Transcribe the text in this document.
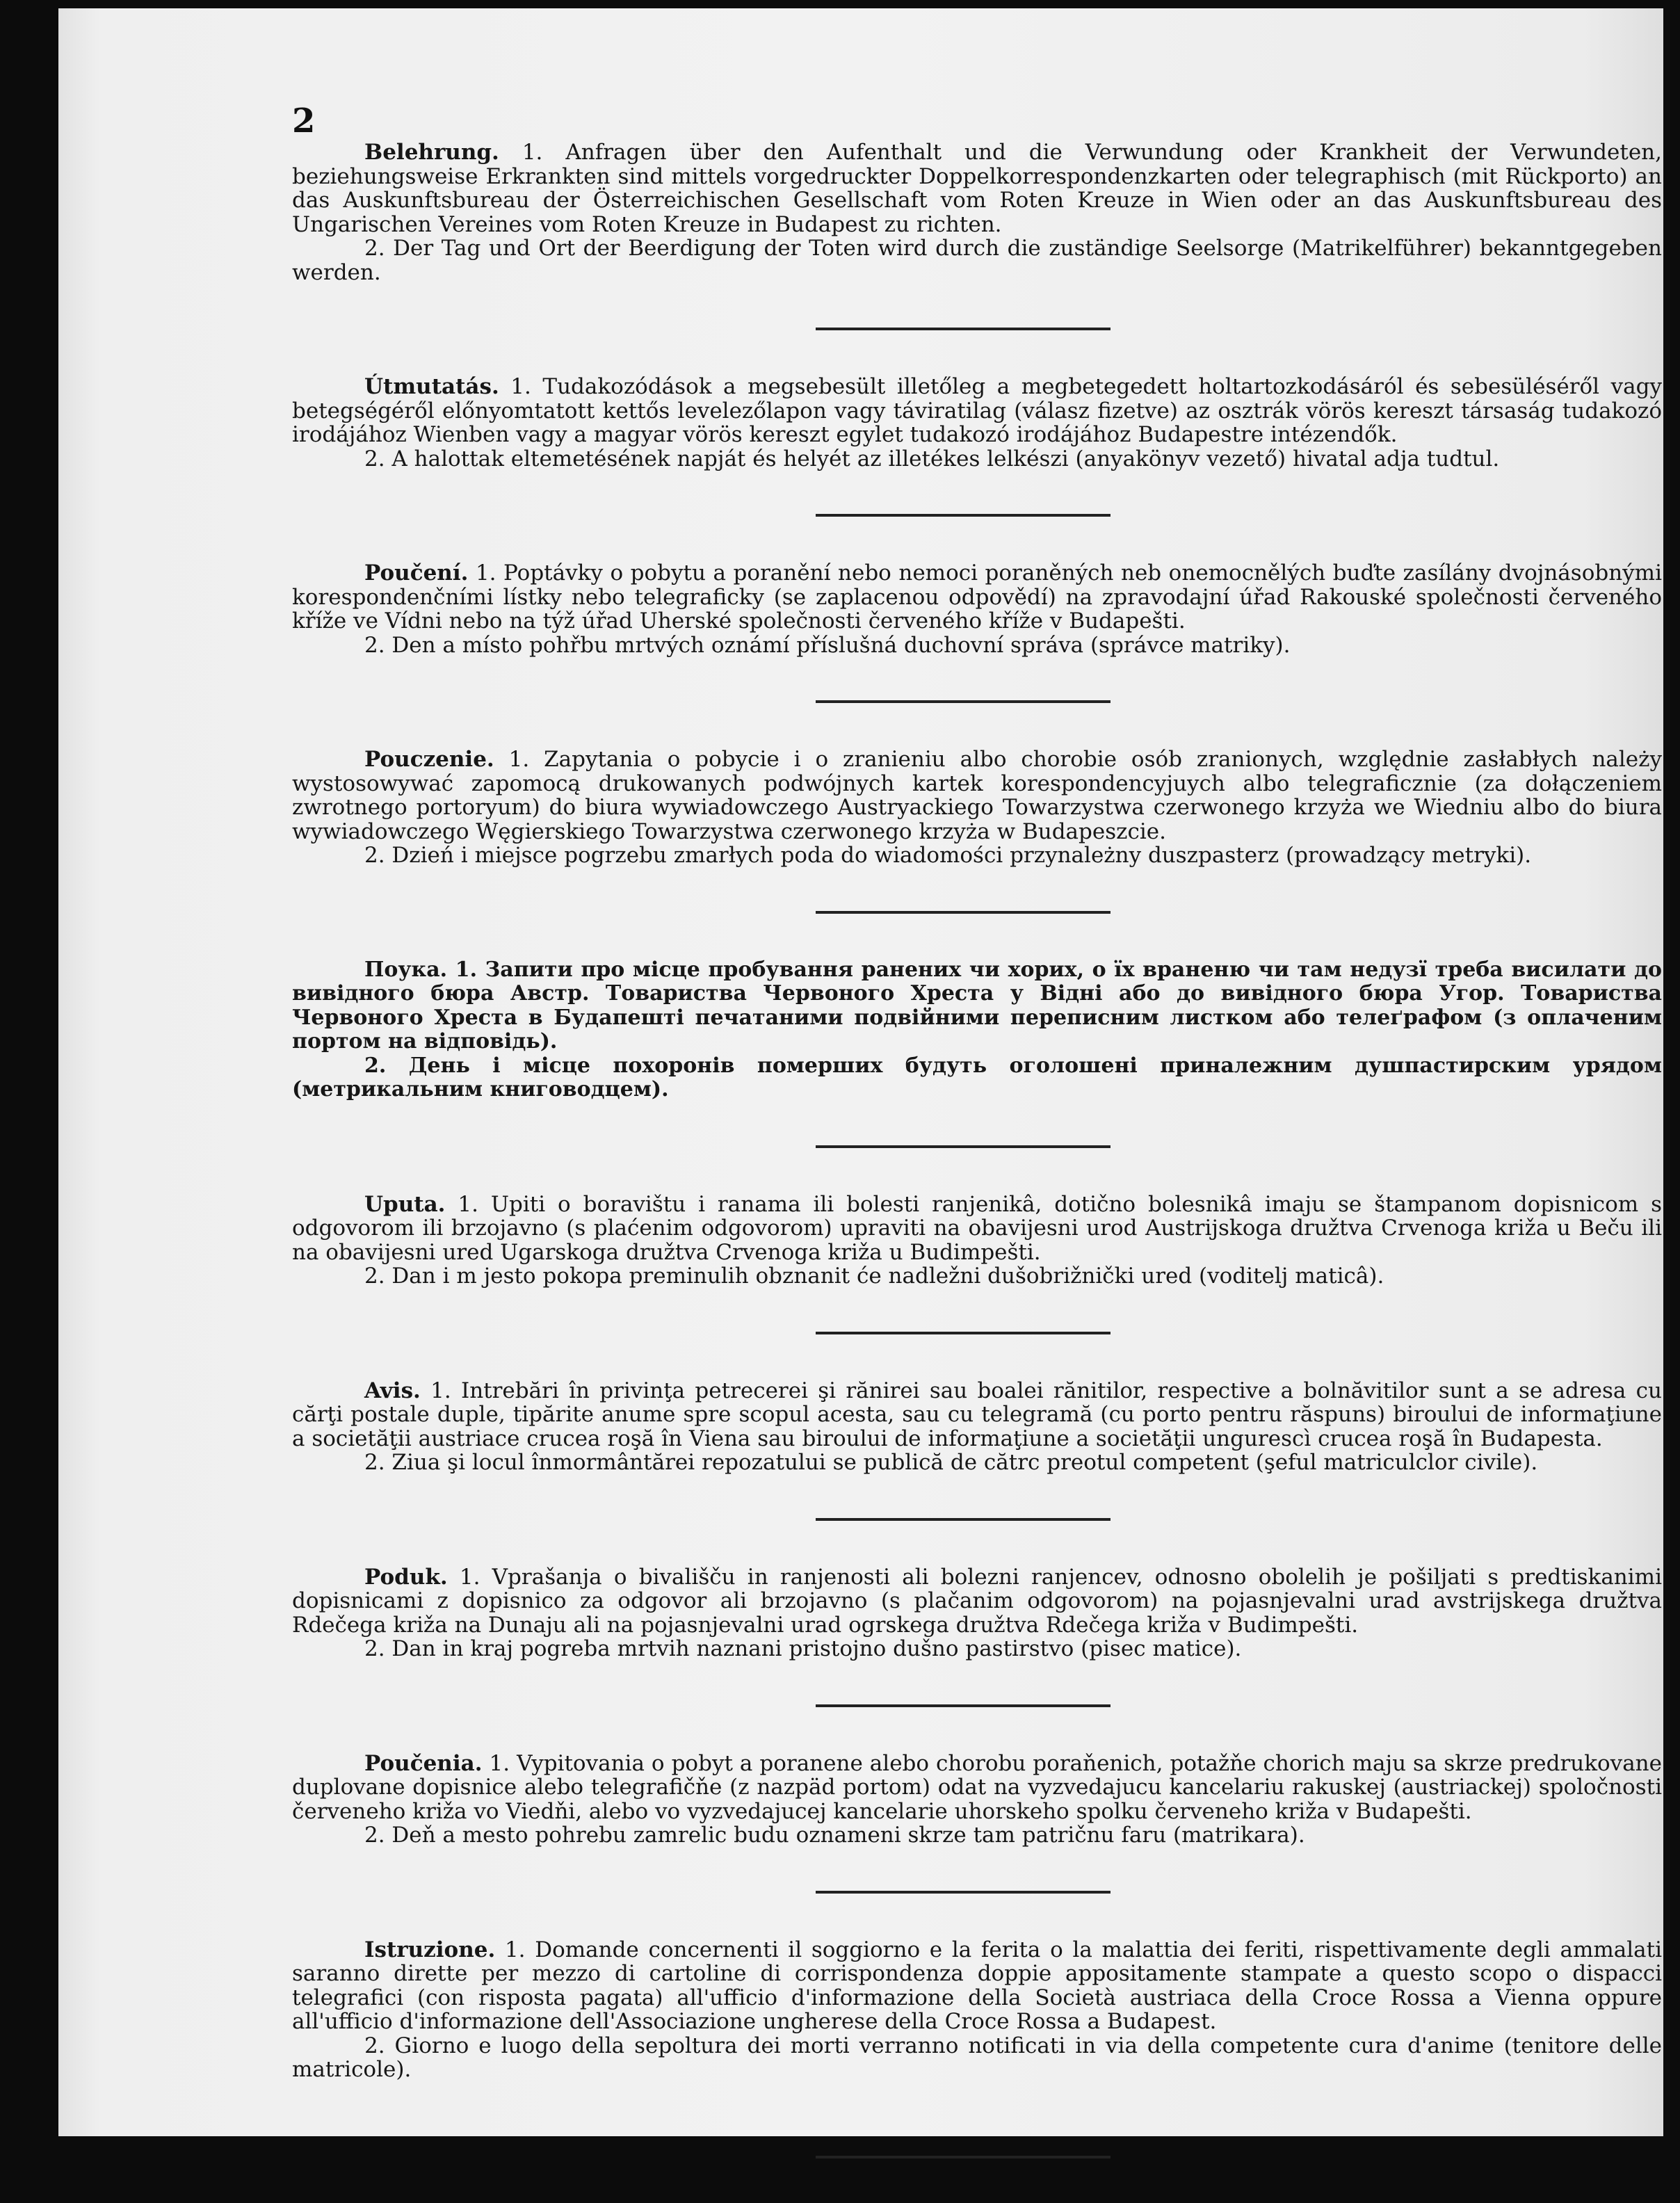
2

Belehrung. 1. Anfragen über den Aufenthalt und die Verwundung oder Krankheit der Verwundeten, beziehungsweise Erkrankten sind mittels vorgedruckter Doppelkorrespondenzkarten oder telegraphisch (mit Rückporto) an das Auskunftsbureau der Österreichischen Gesellschaft vom Roten Kreuze in Wien oder an das Auskunftsbureau des Ungarischen Vereines vom Roten Kreuze in Budapest zu richten.

2. Der Tag und Ort der Beerdigung der Toten wird durch die zuständige Seelsorge (Matrikelführer) bekanntgegeben werden.

Útmutatás. 1. Tudakozódások a megsebesült illetőleg a megbetegedett holtartozkodásáról és sebesüléséről vagy betegségéről előnyomtatott kettős levelezőlapon vagy táviratilag (válasz fizetve) az osztrák vörös kereszt társaság tudakozó irodájához Wienben vagy a magyar vörös kereszt egylet tudakozó irodájához Budapestre intézendők.

2. A halottak eltemetésének napját és helyét az illetékes lelkészi (anyakönyv vezető) hivatal adja tudtul.

Poučení. 1. Poptávky o pobytu a poranění nebo nemoci poraněných neb onemocnělých buďte zasílány dvojnásobnými korespondenčními lístky nebo telegraficky (se zaplacenou odpovědí) na zpravodajní úřad Rakouské společnosti červeného kříže ve Vídni nebo na týž úřad Uherské společnosti červeného kříže v Budapešti.

2. Den a místo pohřbu mrtvých oznámí příslušná duchovní správa (správce matriky).

Pouczenie. 1. Zapytania o pobycie i o zranieniu albo chorobie osób zranionych, względnie zasłabłych należy wystosowywać zapomocą drukowanych podwójnych kartek korespondencyjuych albo telegraficznie (za dołączeniem zwrotnego portoryum) do biura wywiadowczego Austryackiego Towarzystwa czerwonego krzyża we Wiedniu albo do biura wywiadowczego Węgierskiego Towarzystwa czerwonego krzyża w Budapeszcie.

2. Dzień i miejsce pogrzebu zmarłych poda do wiadomości przynależny duszpasterz (prowadzący metryki).

Поука. 1. Запити про місце пробування ранених чи хорих, о їх враненю чи там недузї треба висилати до вивідного бюра Австр. Товариства Червоного Хреста у Відні або до вивідного бюра Угор. Товариства Червоного Хреста в Будапешті печатаними подвійними переписним листком або телеґрафом (з оплаченим портом на відповідь).

2. День і місце похоронів померших будуть оголошені приналежним душпастирским урядом (метрикальним книговодцем).

Uputa. 1. Upiti o boravištu i ranama ili bolesti ranjenikâ, dotično bolesnikâ imaju se štampanom dopisnicom s odgovorom ili brzojavno (s plaćenim odgovorom) upraviti na obavijesni urod Austrijskoga družtva Crvenoga križa u Beču ili na obavijesni ured Ugarskoga družtva Crvenoga križa u Budimpešti.

2. Dan i m jesto pokopa preminulih obznanit će nadležni dušobrižnički ured (voditelj maticâ).

Avis. 1. Intrebări în privinţa petrecerei şi rănirei sau boalei rănitilor, respective a bolnăvitilor sunt a se adresa cu cărţi postale duple, tipărite anume spre scopul acesta, sau cu telegramă (cu porto pentru răspuns) biroului de informaţiune a societăţii austriace crucea roşă în Viena sau biroului de informaţiune a societăţii ungurescì crucea roşă în Budapesta.

2. Ziua şi locul înmormântărei repozatului se publică de cătrc preotul competent (şeful matriculclor civile).

Poduk. 1. Vprašanja o bivališču in ranjenosti ali bolezni ranjencev, odnosno obolelih je pošiljati s predtiskanimi dopisnicami z dopisnico za odgovor ali brzojavno (s plačanim odgovorom) na pojasnjevalni urad avstrijskega družtva Rdečega križa na Dunaju ali na pojasnjevalni urad ogrskega družtva Rdečega križa v Budimpešti.

2. Dan in kraj pogreba mrtvih naznani pristojno dušno pastirstvo (pisec matice).

Poučenia. 1. Vypitovania o pobyt a poranene alebo chorobu poraňenich, potažňe chorich maju sa skrze predrukovane duplovane dopisnice alebo telegrafičňe (z nazpäd portom) odat na vyzvedajucu kancelariu rakuskej (austriackej) spoločnosti červeneho križa vo Viedňi, alebo vo vyzvedajucej kancelarie uhorskeho spolku červeneho križa v Budapešti.

2. Deň a mesto pohrebu zamrelic budu oznameni skrze tam patričnu faru (matrikara).

Istruzione. 1. Domande concernenti il soggiorno e la ferita o la malattia dei feriti, rispettivamente degli ammalati saranno dirette per mezzo di cartoline di corrispondenza doppie appositamente stampate a questo scopo o dispacci telegrafici (con risposta pagata) all'ufficio d'informazione della Società austriaca della Croce Rossa a Vienna oppure all'ufficio d'informazione dell'Associazione ungherese della Croce Rossa a Budapest.

2. Giorno e luogo della sepoltura dei morti verranno notificati in via della competente cura d'anime (tenitore delle matricole).
